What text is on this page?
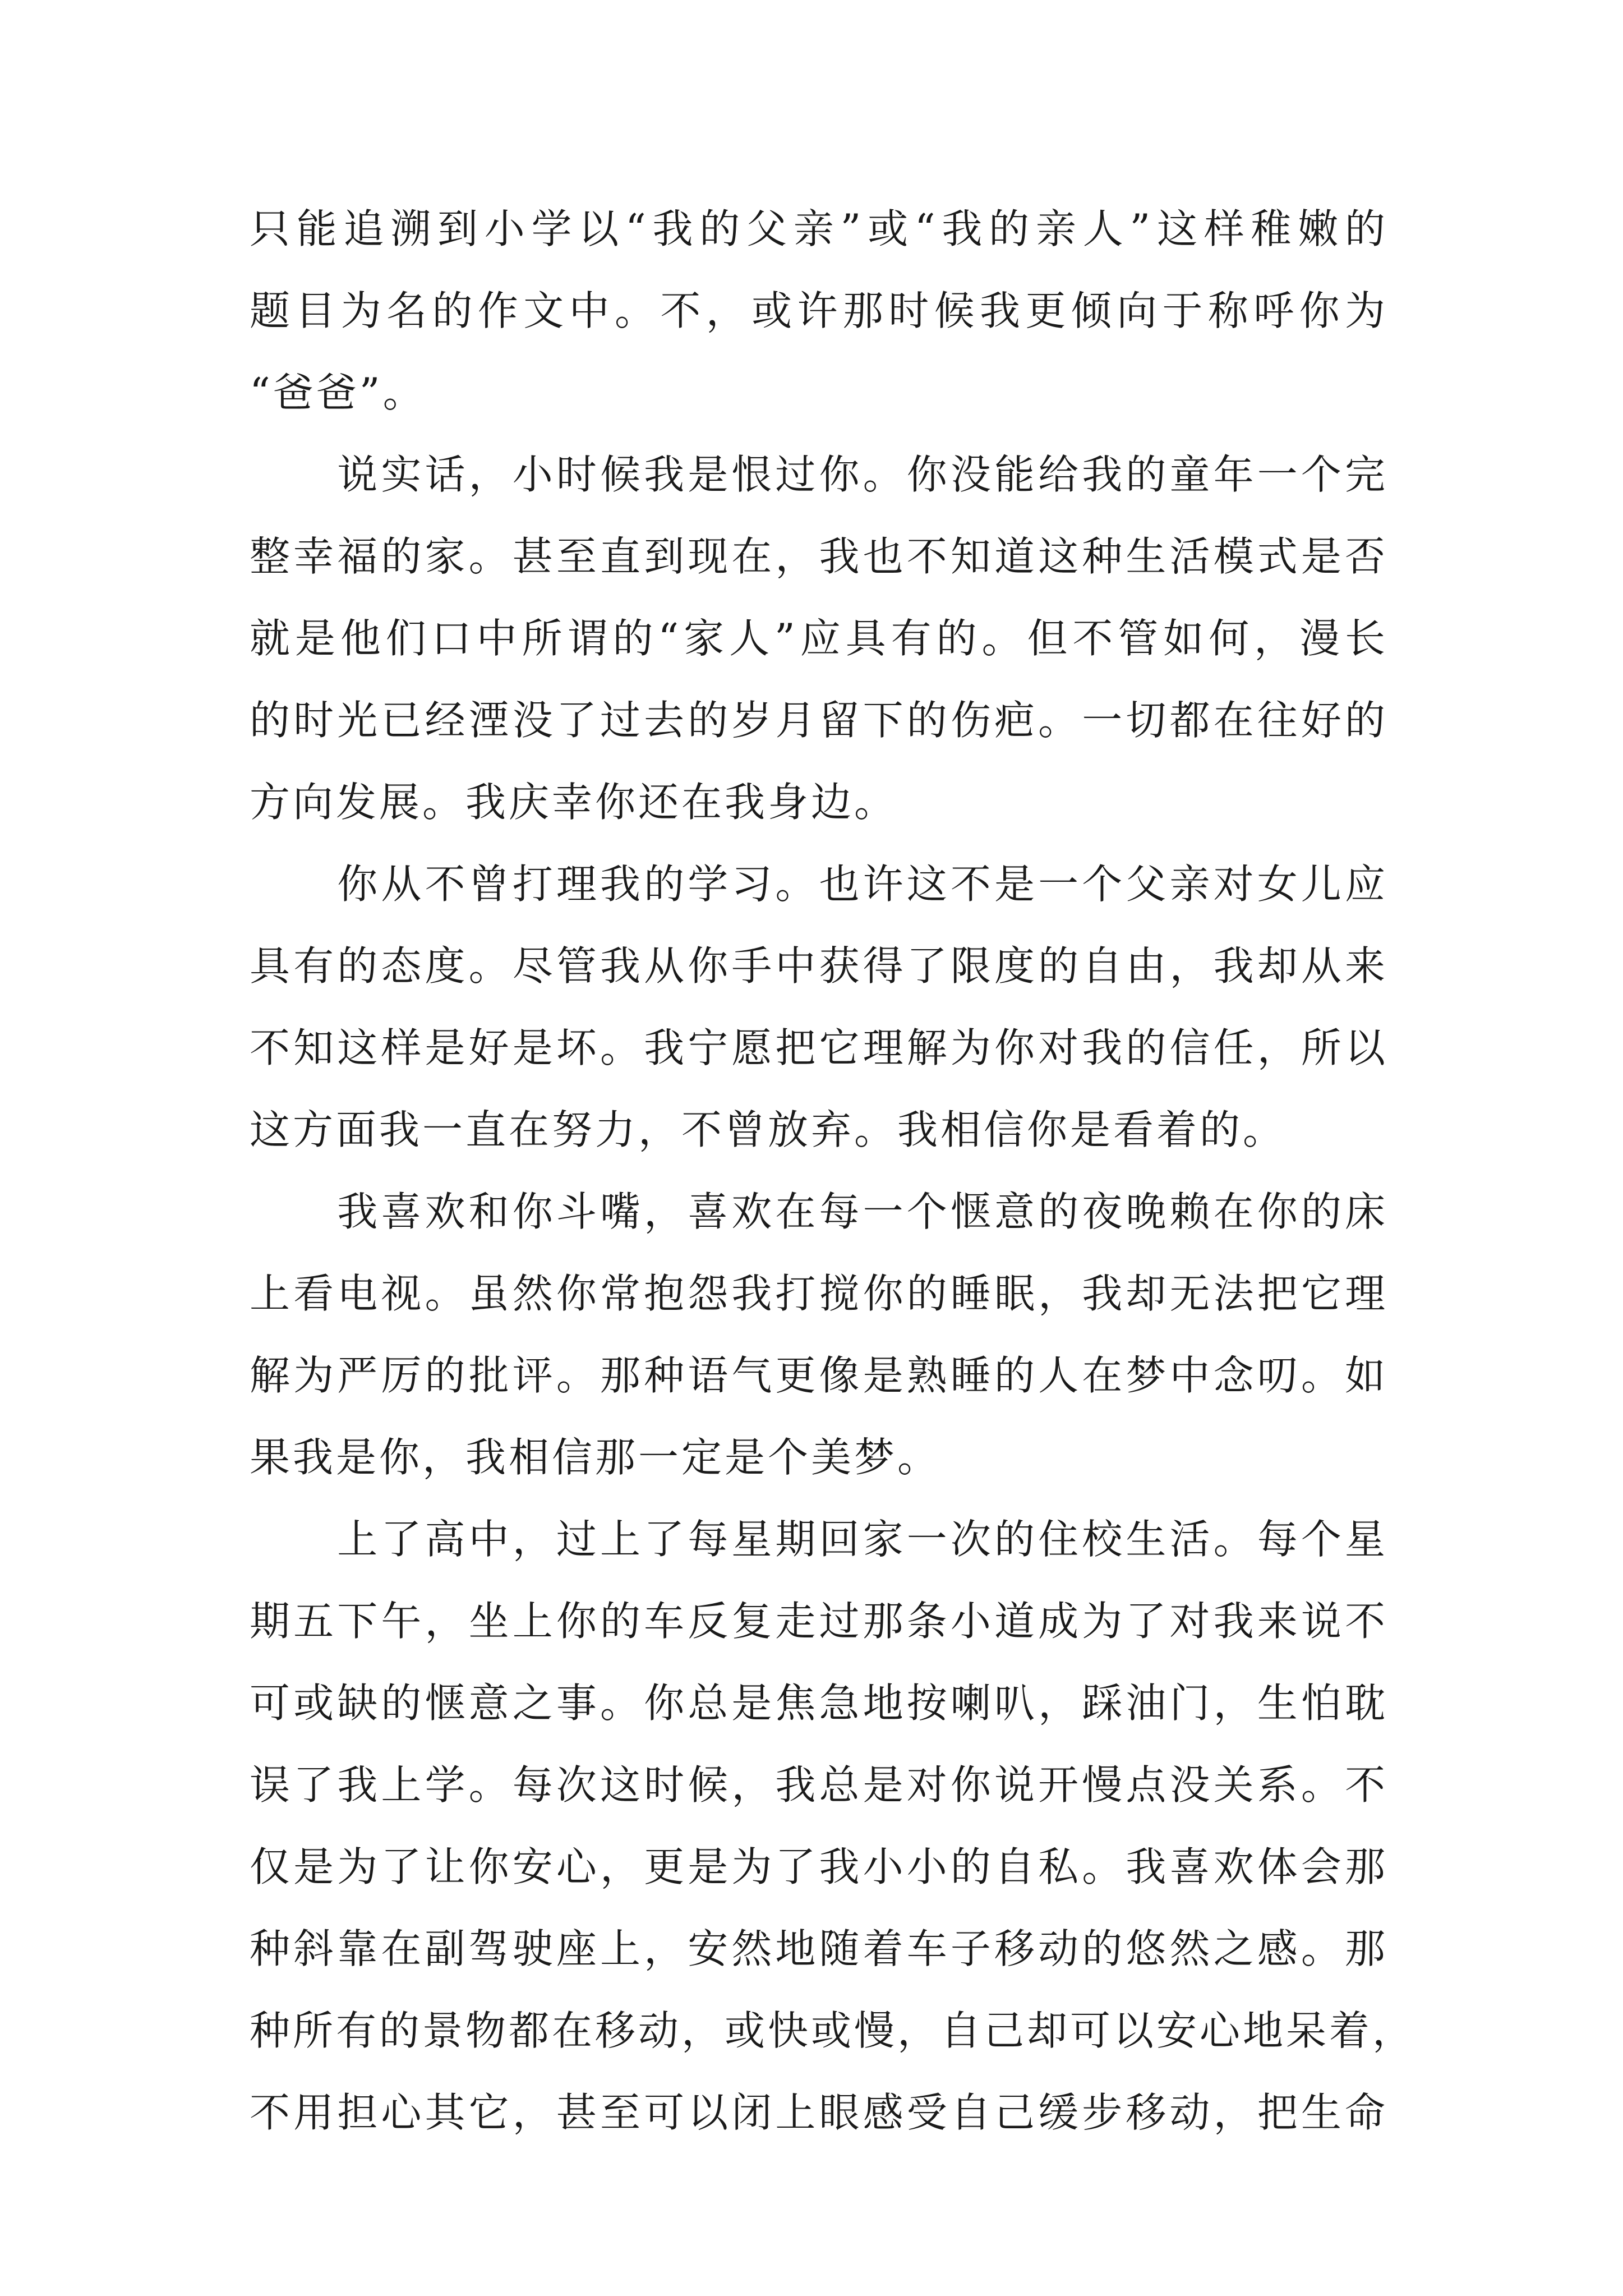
只能追溯到小学以“我的父亲”或“我的亲人”这样稚嫩的
题目为名的作文中。不，或许那时候我更倾向于称呼你为
“爸爸”。
　　说实话，小时候我是恨过你。你没能给我的童年一个完
整幸福的家。甚至直到现在，我也不知道这种生活模式是否
就是他们口中所谓的“家人”应具有的。但不管如何，漫长
的时光已经湮没了过去的岁月留下的伤疤。一切都在往好的
方向发展。我庆幸你还在我身边。
　　你从不曾打理我的学习。也许这不是一个父亲对女儿应
具有的态度。尽管我从你手中获得了限度的自由，我却从来
不知这样是好是坏。我宁愿把它理解为你对我的信任，所以
这方面我一直在努力，不曾放弃。我相信你是看着的。
　　我喜欢和你斗嘴，喜欢在每一个惬意的夜晚赖在你的床
上看电视。虽然你常抱怨我打搅你的睡眠，我却无法把它理
解为严厉的批评。那种语气更像是熟睡的人在梦中念叨。如
果我是你，我相信那一定是个美梦。
　　上了高中，过上了每星期回家一次的住校生活。每个星
期五下午，坐上你的车反复走过那条小道成为了对我来说不
可或缺的惬意之事。你总是焦急地按喇叭，踩油门，生怕耽
误了我上学。每次这时候，我总是对你说开慢点没关系。不
仅是为了让你安心，更是为了我小小的自私。我喜欢体会那
种斜靠在副驾驶座上，安然地随着车子移动的悠然之感。那
种所有的景物都在移动，或快或慢，自己却可以安心地呆着，
不用担心其它，甚至可以闭上眼感受自己缓步移动，把生命
